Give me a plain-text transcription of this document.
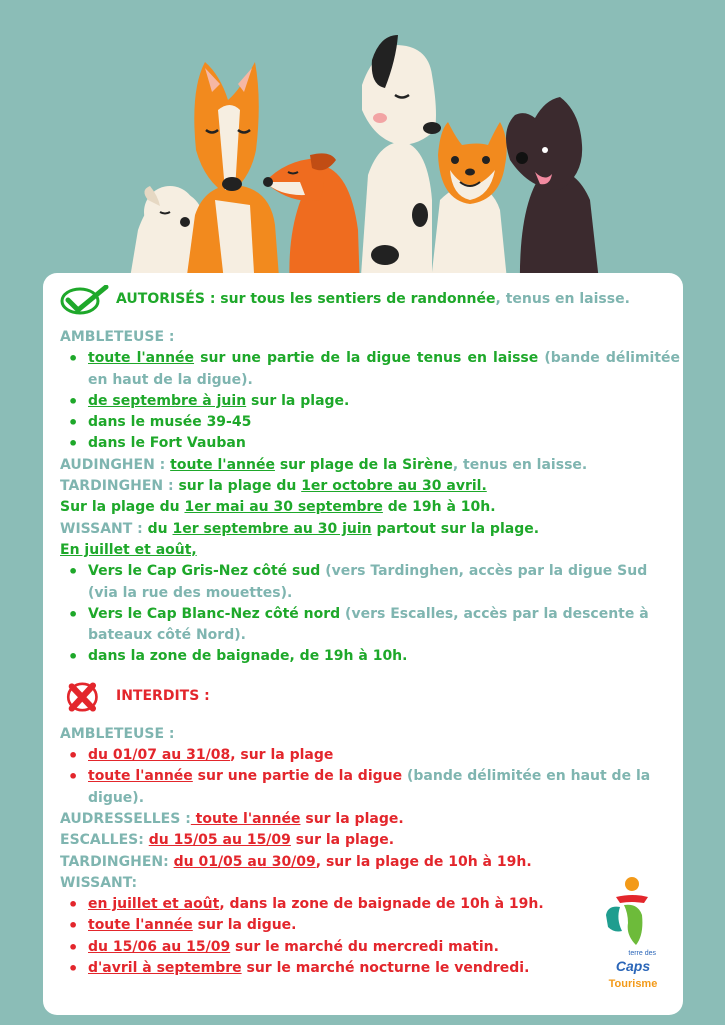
AUTORISÉS : sur tous les sentiers de randonnée, tenus en laisse.

AMBLETEUSE :

• toute l'année sur une partie de la digue tenus en laisse (bande délimitée en haut de la digue).
• de septembre à juin sur la plage.
• dans le musée 39-45
• dans le Fort Vauban

AUDINGHEN : toute l'année sur plage de la Sirène, tenus en laisse.

TARDINGHEN : sur la plage du 1er octobre au 30 avril.

Sur la plage du 1er mai au 30 septembre de 19h à 10h.

WISSANT : du 1er septembre au 30 juin partout sur la plage.

En juillet et août,

• Vers le Cap Gris-Nez côté sud (vers Tardinghen, accès par la digue Sud (via la rue des mouettes).
• Vers le Cap Blanc-Nez côté nord (vers Escalles, accès par la descente à bateaux côté Nord).
• dans la zone de baignade, de 19h à 10h.
INTERDITS :

AMBLETEUSE :

• du 01/07 au 31/08, sur la plage

• toute l'année sur une partie de la digue (bande délimitée en haut de la digue).

AUDRESSELLES : toute l'année sur la plage.

ESCALLES: du 15/05 au 15/09 sur la plage.

TARDINGHEN: du 01/05 au 30/09, sur la plage de 10h à 19h.

WISSANT:

• en juillet et août, dans la zone de baignade de 10h à 19h.
• toute l'année sur la digue.
• du 15/06 au 15/09 sur le marché du mercredi matin.
• d'avril à septembre sur le marché nocturne le vendredi.
terre des
Caps
Tourisme
